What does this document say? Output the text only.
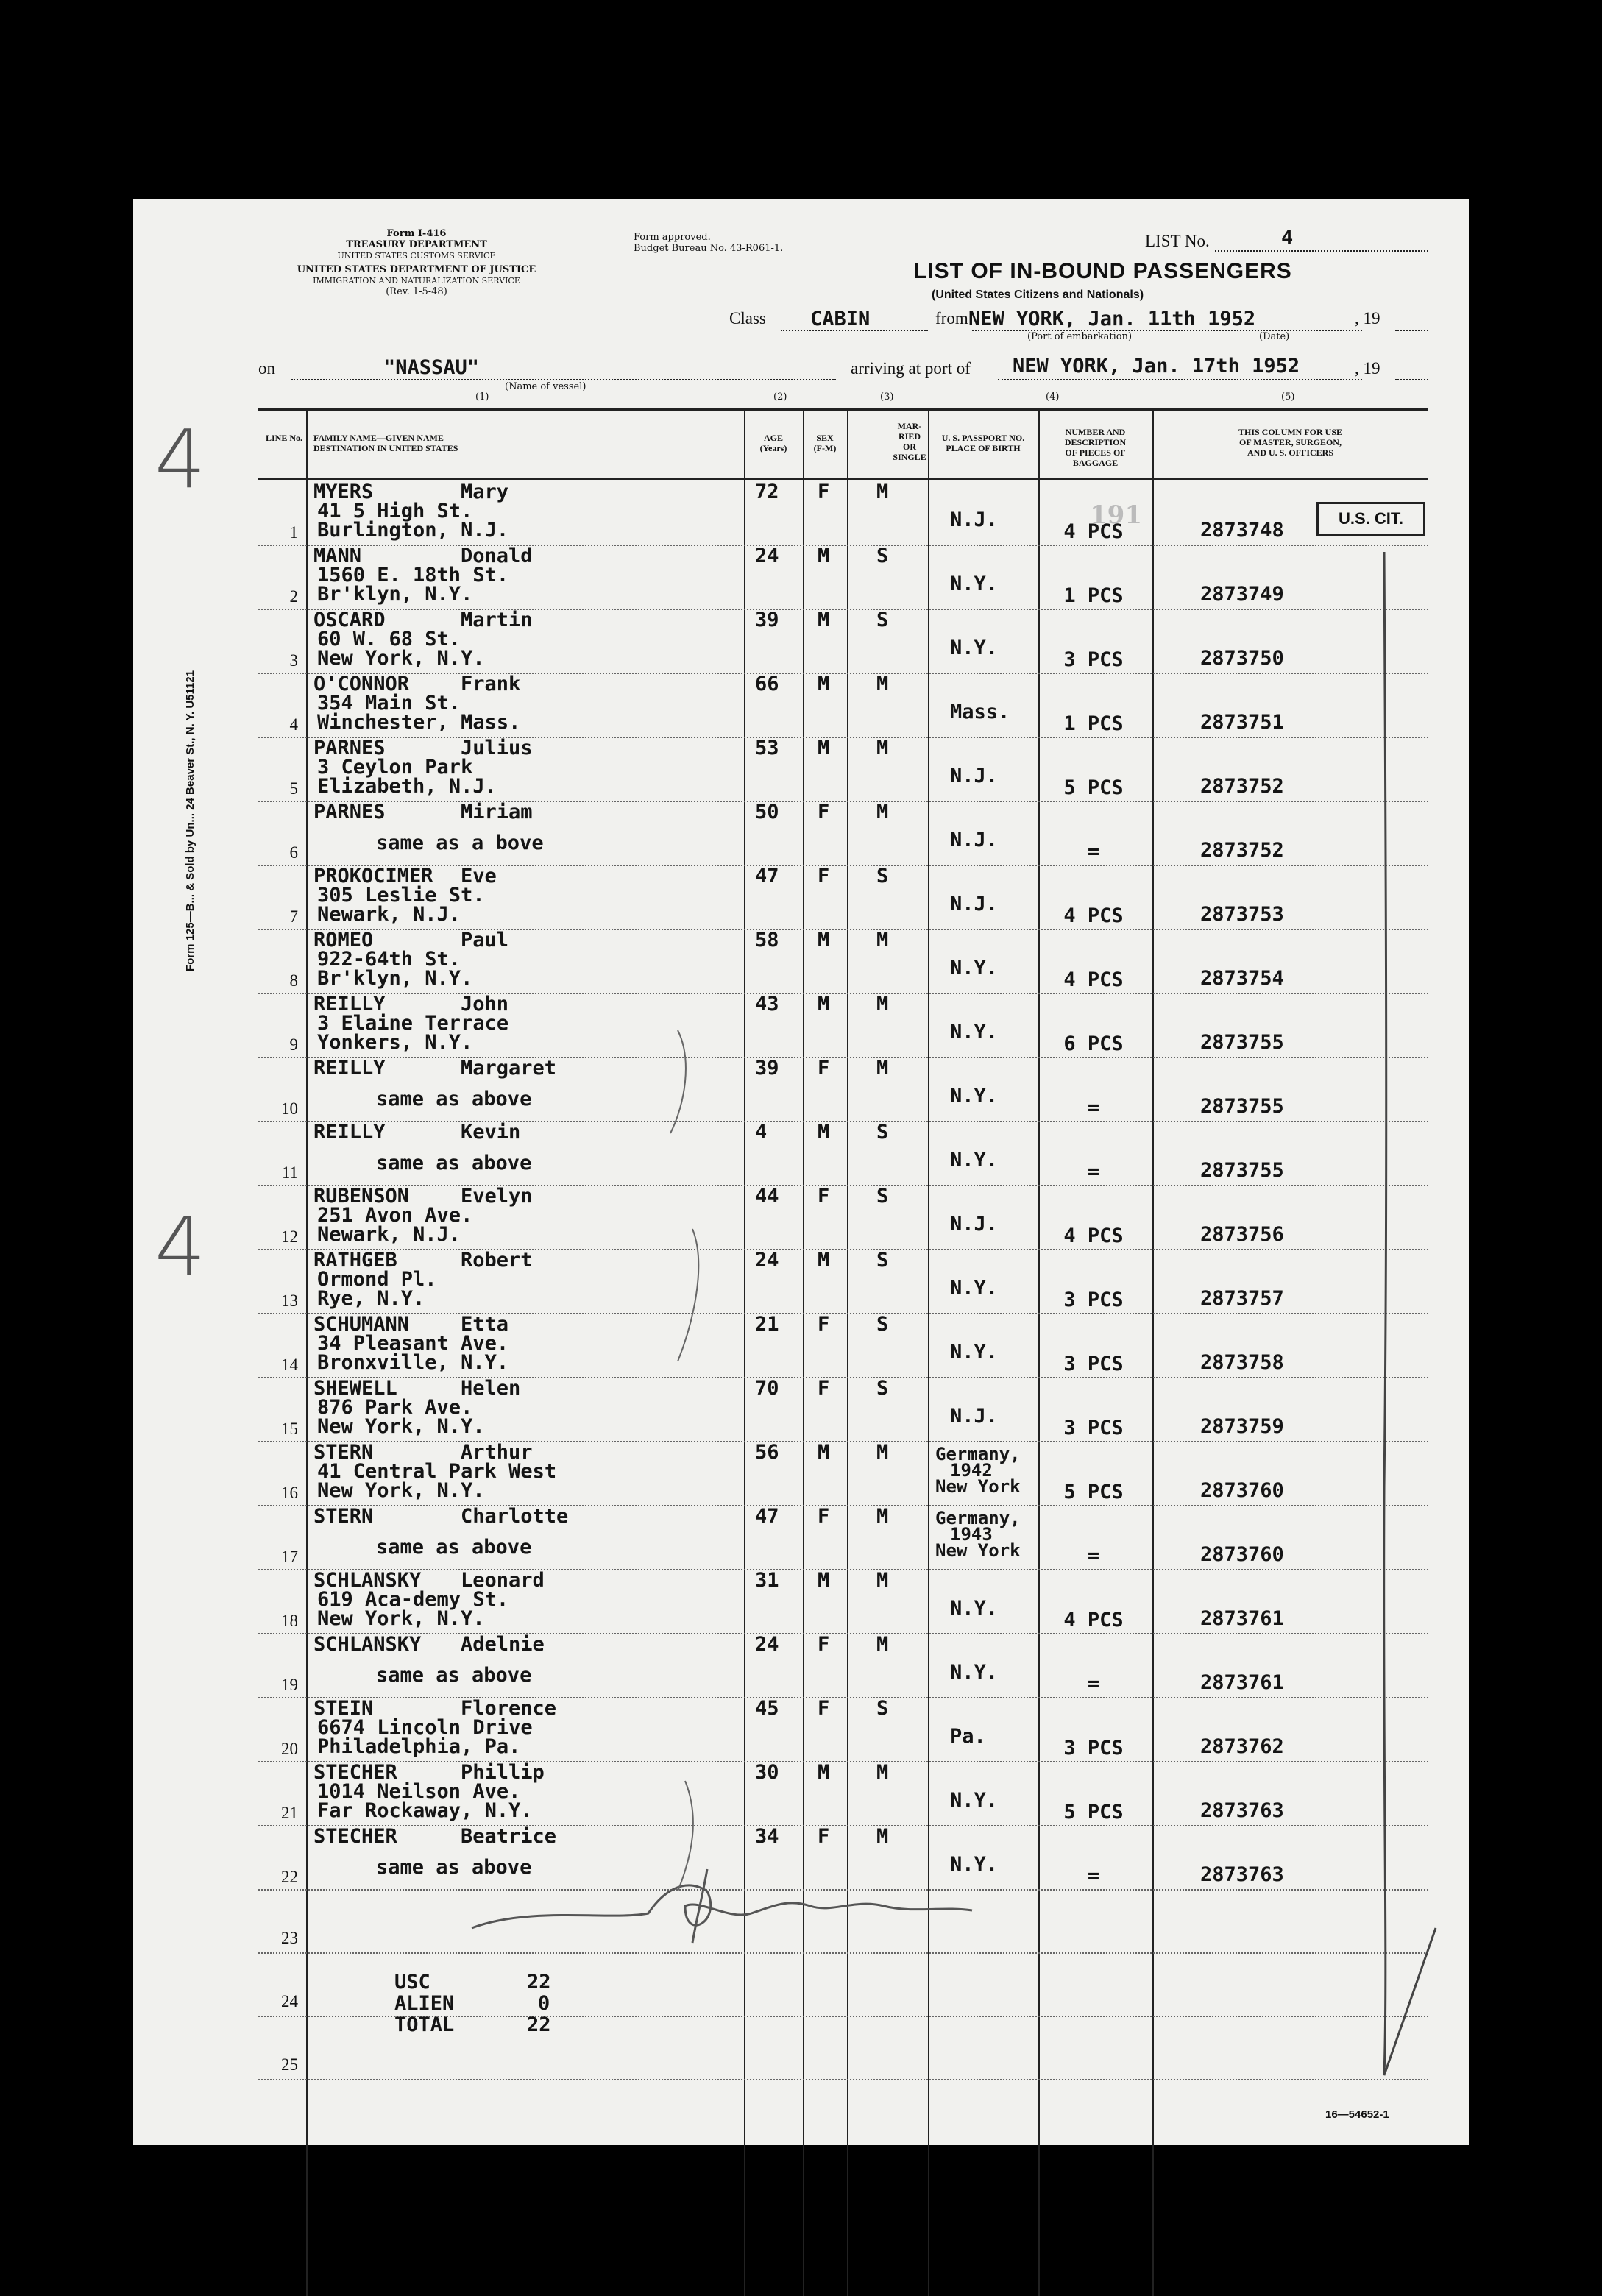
Form I-416
TREASURY DEPARTMENT
UNITED STATES CUSTOMS SERVICE
UNITED STATES DEPARTMENT OF JUSTICE
IMMIGRATION AND NATURALIZATION SERVICE
(Rev. 1-5-48)
Form approved.
Budget Bureau No. 43-R061-1.	LIST No.	4
LIST OF IN-BOUND PASSENGERS
(United States Citizens and Nationals)
Class CABIN	from NEW YORK, Jan. 11th 1952	, 19
(Port of embarkation)	(Date)
on	"NASSAU"
(Name of vessel)
arriving at port of NEW YORK, Jan. 17th 1952	, 19
(1)	(2)	(3)	(4)	(5)
LINE No.	FAMILY NAME—GIVEN NAME
DESTINATION IN UNITED STATES
AGE
(Years)
SEX
(F-M)
MAR-
RIED
OR
SINGLE
U. S. PASSPORT NO.
PLACE OF BIRTH
NUMBER AND DESCRIPTION
OF PIECES OF
BAGGAGE
THIS COLUMN FOR USE
OF MASTER, SURGEON,
AND U. S. OFFICERS
1
MYERS	Mary
41 5 High St.
Burlington, N.J.
72 F M
N.J.
4 PCS	2873748
2
MANN	Donald
1560 E. 18th St.
Br'klyn, N.Y.
24 M S
N.Y.
1 PCS	2873749
3
OSCARD	Martin
60 W. 68 St.
New York, N.Y.
39 M S
N.Y.
3 PCS	2873750
4
O'CONNOR	Frank
354 Main St.
Winchester, Mass.
66 M M
Mass.
1 PCS	2873751
5
PARNES	Julius
3 Ceylon Park
Elizabeth, N.J.
53 M M
N.J.
5 PCS	2873752
6
PARNES	Miriam
same as a bove
50 F M
N.J.
=	2873752
7
PROKOCIMER Eve
305 Leslie St.
Newark, N.J.
47 F S
N.J.
4 PCS	2873753
8
ROMEO	Paul
922-64th St.
Br'klyn, N.Y.
58 M M
N.Y.
4 PCS	2873754
9
REILLY	John
3 Elaine Terrace
Yonkers, N.Y.
43 M M
N.Y.
6 PCS	2873755
10
REILLY	Margaret
same as above
39 F M
N.Y.
=	2873755
11
REILLY	Kevin
same as above
4	M S
N.Y.
=	2873755
12
RUBENSON	Evelyn
251 Avon Ave.
Newark, N.J.
44 F S
N.J.
4 PCS	2873756
13
RATHGEB	Robert
Ormond Pl.
Rye, N.Y.
24 M S
N.Y.
3 PCS	2873757
14
SCHUMANN	Etta
34 Pleasant Ave.
Bronxville, N.Y.
21 F S
N.Y.
3 PCS	2873758
15
SHEWELL	Helen
876 Park Ave.
New York, N.Y.
70 F S
N.J.
3 PCS	2873759
16
STERN	Arthur
41 Central Park West
New York, N.Y.
56 M M	Germany,
1942
New York	5 PCS	2873760
17
STERN	Charlotte
same as above
47 F M	Germany,
1943
New York	=	2873760
18
SCHLANSKY Leonard
619 Aca-demy St.
New York, N.Y.
31 M M
N.Y.
4 PCS	2873761
19
SCHLANSKY Adelnie
same as above
24 F M
N.Y.
=	2873761
20
STEIN	Florence
6674 Lincoln Drive
Philadelphia, Pa.
45 F S
Pa.
3 PCS	2873762
21
STECHER	Phillip
1014 Neilson Ave.
Far Rockaway, N.Y.
30 M M
N.Y.
5 PCS	2873763
22
STECHER	Beatrice
same as above
34 F M
N.Y.
=	2873763
23
24
25
USC	22
ALIEN	0
TOTAL	22
U.S. CIT.
191
16—54652-1
4
4
Form 125—B... & Sold by Un... 24 Beaver St., N. Y. U51121
